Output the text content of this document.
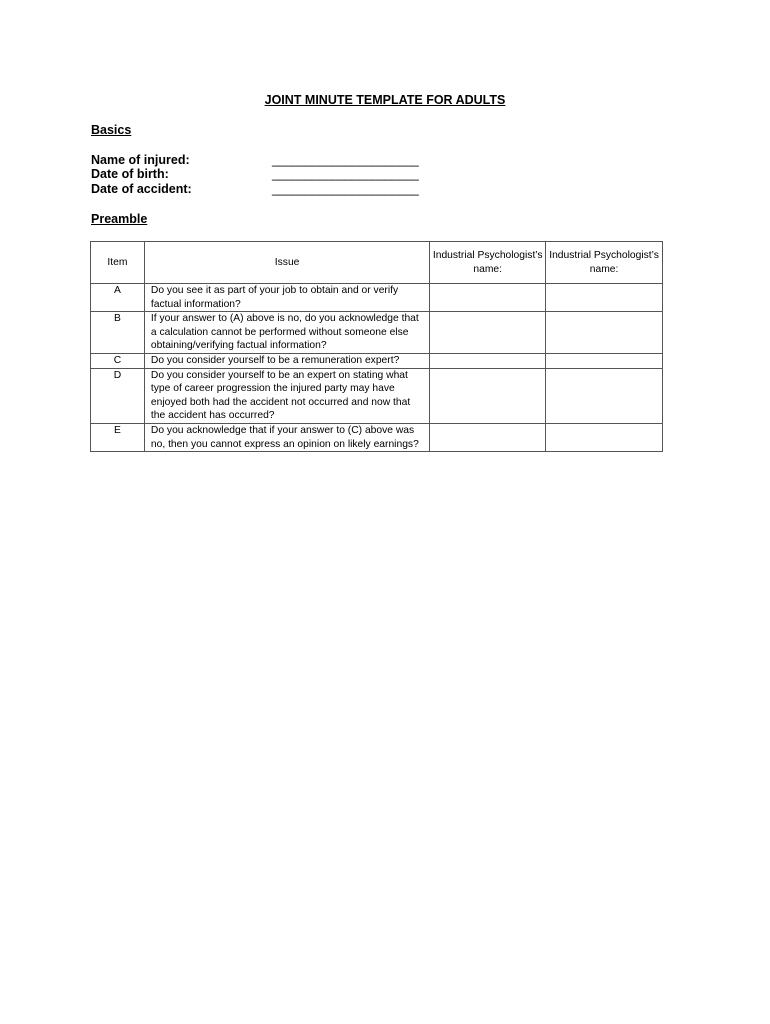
JOINT MINUTE TEMPLATE FOR ADULTS
Basics
Name of injured:	______________________
Date of birth:	______________________
Date of accident:	______________________
Preamble
Item	Issue	Industrial Psychologist’s name:	Industrial Psychologist’s name:
A	Do you see it as part of your job to obtain and or verify factual information?		
B	If your answer to (A) above is no, do you acknowledge that a calculation cannot be performed without someone else obtaining/verifying factual information?		
C	Do you consider yourself to be a remuneration expert?		
D	Do you consider yourself to be an expert on stating what type of career progression the injured party may have enjoyed both had the accident not occurred and now that the accident has occurred?		
E	Do you acknowledge that if your answer to (C) above was no, then you cannot express an opinion on likely earnings?		
